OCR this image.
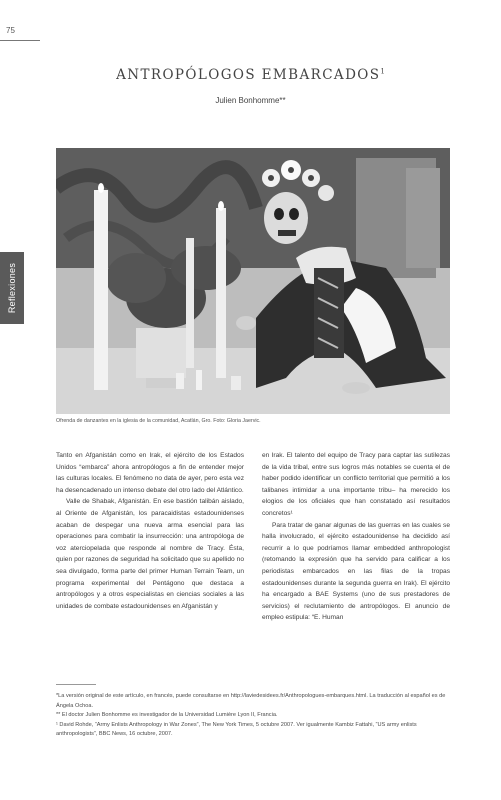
75
Reflexiones
ANTROPÓLOGOS EMBARCADOS$^1$
Julien Bonhomme**
Ofrenda de danzantes en la iglesia de la comunidad, Acatlán, Gro. Foto: Gloria Jaervic.

Tanto en Afganistán como en Irak, el ejército de los Estados Unidos “embarca” ahora antropólogos a fin de entender mejor las culturas locales. El fenómeno no data de ayer, pero esta vez ha desencadenado un intenso debate del otro lado del Atlántico.

Valle de Shabak, Afganistán. En ese bastión talibán aislado, al Oriente de Afganistán, los paracaidistas estadounidenses acaban de despegar una nueva arma esencial para las operaciones para combatir la insurrección: una antropóloga de voz aterciopelada que responde al nombre de Tracy. Ésta, quien por razones de seguridad ha solicitado que su apellido no sea divulgado, forma parte del primer Human Terrain Team, un programa experimental del Pentágono que destaca a antropólogos y a otros especialistas en ciencias sociales a las unidades de combate estadounidenses en Afganistán y

en Irak. El talento del equipo de Tracy para captar las sutilezas de la vida tribal, entre sus logros más notables se cuenta el de haber podido identificar un conflicto territorial que permitió a los talibanes intimidar a una importante tribu– ha merecido los elogios de los oficiales que han constatado así resultados concretos¹

Para tratar de ganar algunas de las guerras en las cuales se halla involucrado, el ejército estadounidense ha decidido así recurrir a lo que podríamos llamar embedded anthropologist (retomando la expresión que ha servido para calificar a los periodistas embarcados en las filas de la tropas estadounidenses durante la segunda guerra en Irak). El ejército ha encargado a BAE Systems (uno de sus prestadores de servicios) el reclutamiento de antropólogos. El anuncio de empleo estipula: “E. Human

*La versión original de este artículo, en francés, puede consultarse en http://laviedesidees.fr/Anthropologues-embarques.html. La traducción al español es de Ángela Ochoa.

** El doctor Julien Bonhomme es investigador de la Universidad Lumière Lyon II, Francia.

¹ David Rohde, “Army Enlists Anthropology in War Zones”, The New York Times, 5 octubre 2007. Ver igualmente Kambiz Fattahi, “US army enlists anthropologists”, BBC News, 16 octubre, 2007.
